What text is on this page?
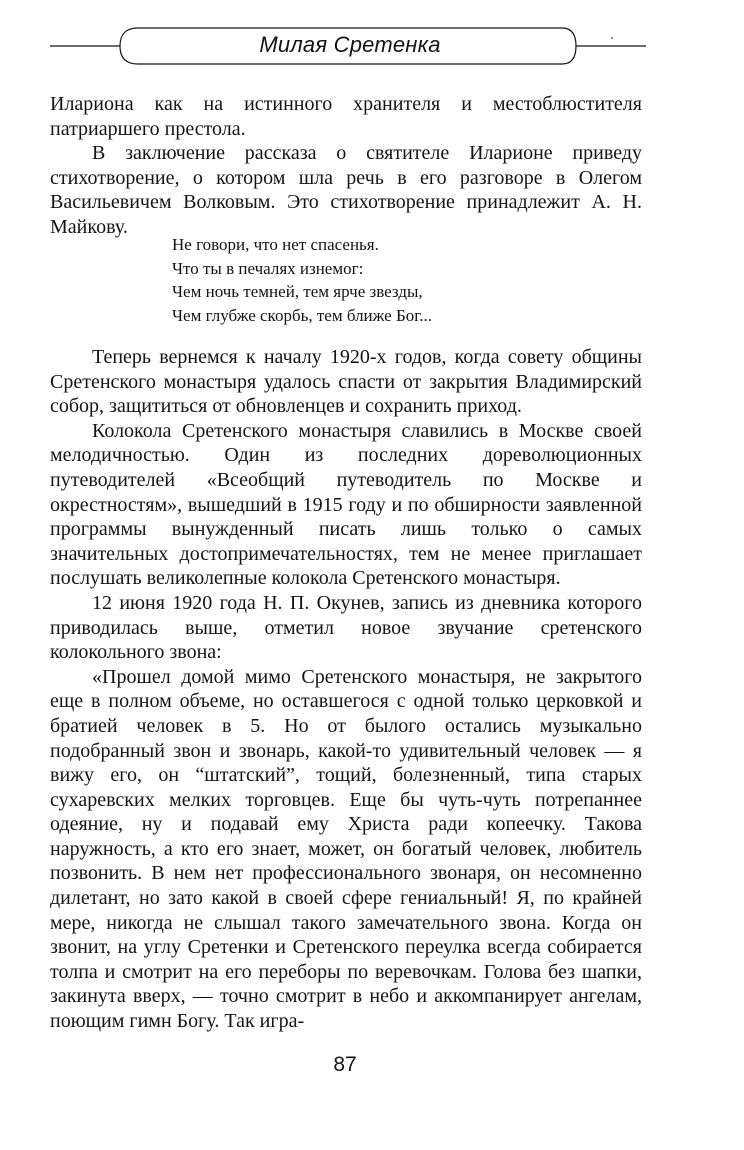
Милая Сретенка

Илариона как на истинного хранителя и местоблюстителя патриаршего престола.

В заключение рассказа о святителе Иларионе приведу стихотворение, о котором шла речь в его разговоре в Олегом Васильевичем Волковым. Это стихотворение принадлежит А. Н. Майкову.

Не говори, что нет спасенья.
Что ты в печалях изнемог:
Чем ночь темней, тем ярче звезды,
Чем глубже скорбь, тем ближе Бог...

Теперь вернемся к началу 1920-х годов, когда совету общины Сретенского монастыря удалось спасти от закрытия Владимирский собор, защититься от обновленцев и сохранить приход.

Колокола Сретенского монастыря славились в Москве своей мелодичностью. Один из последних дореволюционных путеводителей «Всеобщий путеводитель по Москве и окрестностям», вышедший в 1915 году и по обширности заявленной программы вынужденный писать лишь только о самых значительных достопримечательностях, тем не менее приглашает послушать великолепные колокола Сретенского монастыря.

12 июня 1920 года Н. П. Окунев, запись из дневника которого приводилась выше, отметил новое звучание сретенского колокольного звона:

«Прошел домой мимо Сретенского монастыря, не закрытого еще в полном объеме, но оставшегося с одной только церковкой и братией человек в 5. Но от былого остались музыкально подобранный звон и звонарь, какой-то удивительный человек — я вижу его, он “штатский”, тощий, болезненный, типа старых сухаревских мелких торговцев. Еще бы чуть-чуть потрепаннее одеяние, ну и подавай ему Христа ради копеечку. Такова наружность, а кто его знает, может, он богатый человек, любитель позвонить. В нем нет профессионального звонаря, он несомненно дилетант, но зато какой в своей сфере гениальный! Я, по крайней мере, никогда не слышал такого замечательного звона. Когда он звонит, на углу Сретенки и Сретенского переулка всегда собирается толпа и смотрит на его переборы по веревочкам. Голова без шапки, закинута вверх, — точно смотрит в небо и аккомпанирует ангелам, поющим гимн Богу. Так игра-

87
